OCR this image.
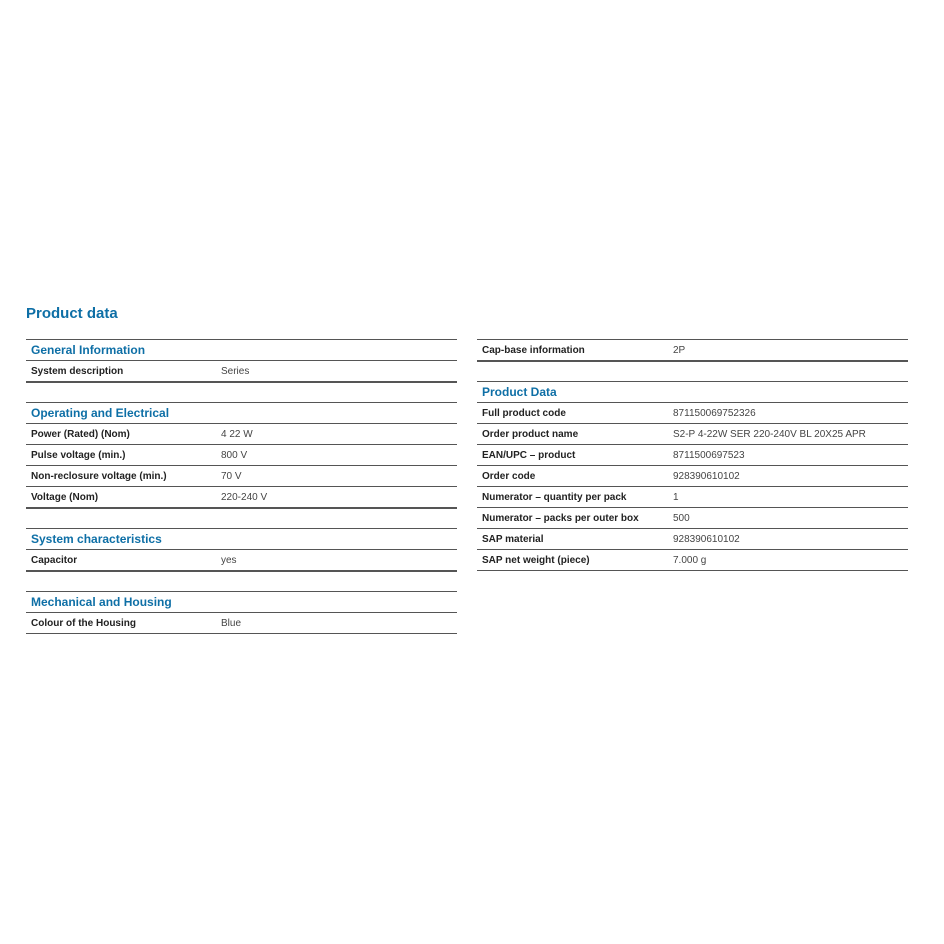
Product data
General Information
System description	Series
Operating and Electrical
Power (Rated) (Nom)	4 22 W
Pulse voltage (min.)	800 V
Non-reclosure voltage (min.)	70 V
Voltage (Nom)	220-240 V
System characteristics
Capacitor	yes
Mechanical and Housing
Colour of the Housing	Blue
Cap-base information	2P
Product Data
Full product code	871150069752326
Order product name	S2-P 4-22W SER 220-240V BL 20X25 APR
EAN/UPC – product	8711500697523
Order code	928390610102
Numerator – quantity per pack	1
Numerator – packs per outer box	500
SAP material	928390610102
SAP net weight (piece)	7.000 g
